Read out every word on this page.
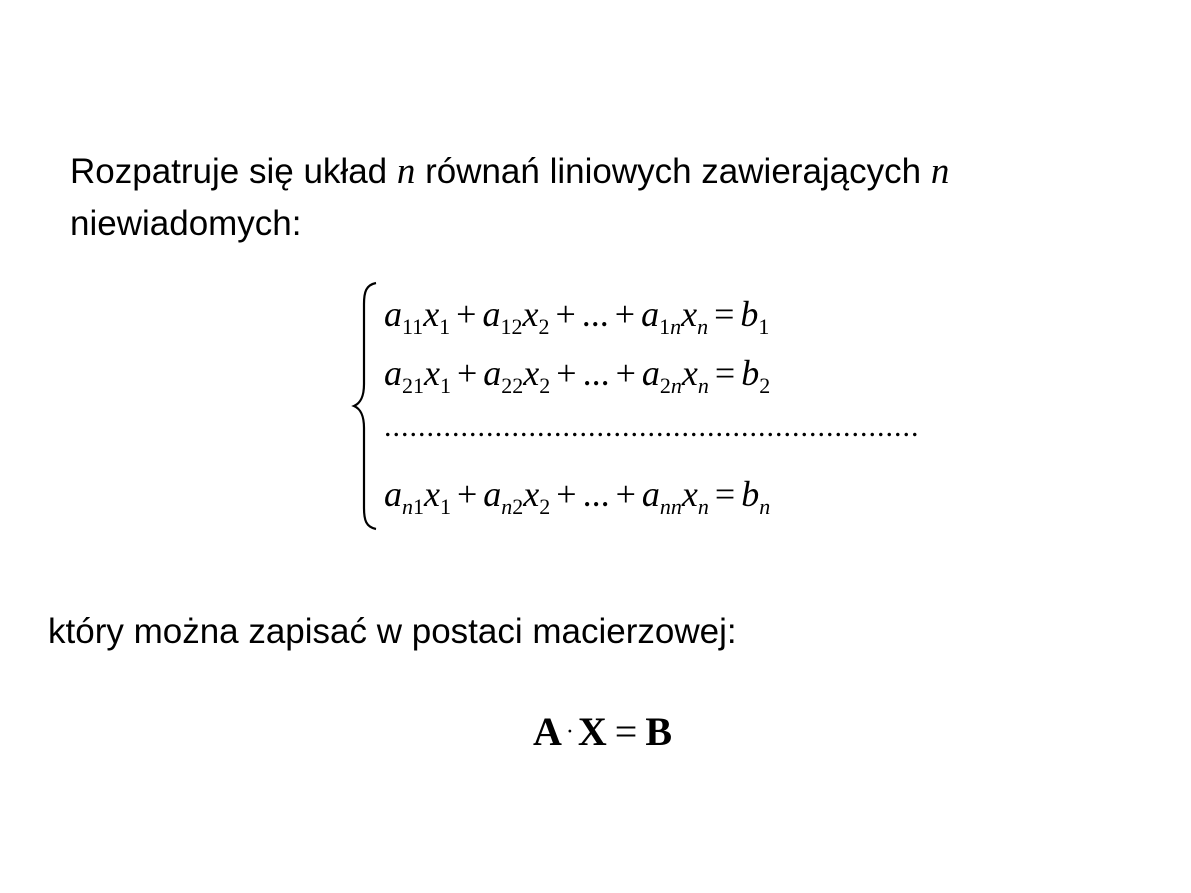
Rozpatruje się układ n równań liniowych zawierających n
niewiadomych:
$a_{11}x_1 + a_{12}x_2$ + ... + $a_{1n}x_n = b_1$
$a_{21}x_1 + a_{22}x_2$ + ... + $a_{2n}x_n = b_2$
...............................................................
$a_{n1}x_1 + a_{n2}x_2$ + ... + $a_{nn}x_n = b_n$
który można zapisać w postaci macierzowej:
A · X = B
